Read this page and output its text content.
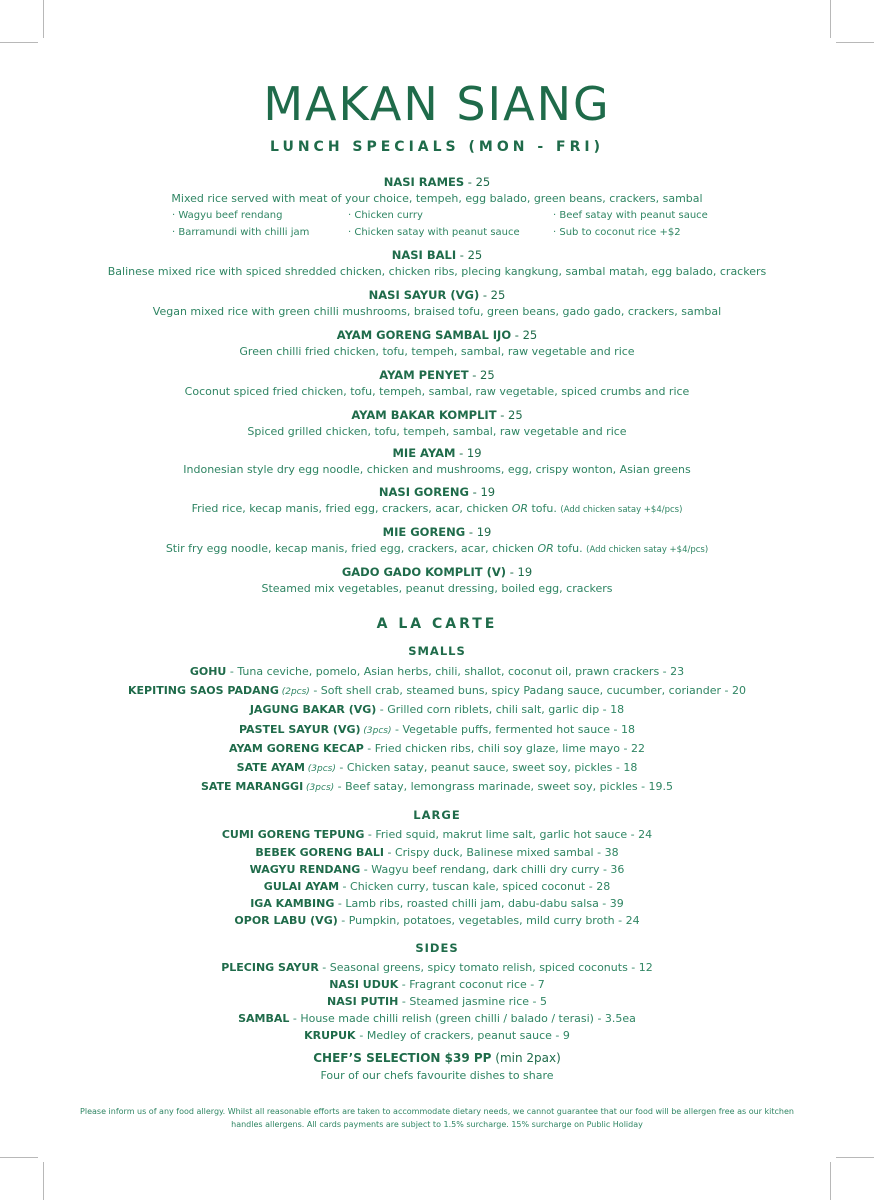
MAKAN SIANG
LUNCH SPECIALS (MON - FRI)
NASI RAMES - 25
Mixed rice served with meat of your choice, tempeh, egg balado, green beans, crackers, sambal
· Wagyu beef rendang	· Chicken curry	· Beef satay with peanut sauce
· Barramundi with chilli jam	· Chicken satay with peanut sauce	· Sub to coconut rice +$2
NASI BALI - 25
Balinese mixed rice with spiced shredded chicken, chicken ribs, plecing kangkung, sambal matah, egg balado, crackers
NASI SAYUR (VG) - 25
Vegan mixed rice with green chilli mushrooms, braised tofu, green beans, gado gado, crackers, sambal
AYAM GORENG SAMBAL IJO - 25
Green chilli fried chicken, tofu, tempeh, sambal, raw vegetable and rice
AYAM PENYET - 25
Coconut spiced fried chicken, tofu, tempeh, sambal, raw vegetable, spiced crumbs and rice
AYAM BAKAR KOMPLIT - 25
Spiced grilled chicken, tofu, tempeh, sambal, raw vegetable and rice
MIE AYAM - 19
Indonesian style dry egg noodle, chicken and mushrooms, egg, crispy wonton, Asian greens
NASI GORENG - 19
Fried rice, kecap manis, fried egg, crackers, acar, chicken OR tofu. (Add chicken satay +$4/pcs)
MIE GORENG - 19
Stir fry egg noodle, kecap manis, fried egg, crackers, acar, chicken OR tofu. (Add chicken satay +$4/pcs)
GADO GADO KOMPLIT (V) - 19
Steamed mix vegetables, peanut dressing, boiled egg, crackers
A LA CARTE
SMALLS
GOHU - Tuna ceviche, pomelo, Asian herbs, chili, shallot, coconut oil, prawn crackers - 23
KEPITING SAOS PADANG (2pcs) - Soft shell crab, steamed buns, spicy Padang sauce, cucumber, coriander - 20
JAGUNG BAKAR (VG) - Grilled corn riblets, chili salt, garlic dip - 18
PASTEL SAYUR (VG) (3pcs) - Vegetable puffs, fermented hot sauce - 18
AYAM GORENG KECAP - Fried chicken ribs, chili soy glaze, lime mayo - 22
SATE AYAM (3pcs) - Chicken satay, peanut sauce, sweet soy, pickles - 18
SATE MARANGGI (3pcs) - Beef satay, lemongrass marinade, sweet soy, pickles - 19.5
LARGE
CUMI GORENG TEPUNG - Fried squid, makrut lime salt, garlic hot sauce - 24
BEBEK GORENG BALI - Crispy duck, Balinese mixed sambal - 38
WAGYU RENDANG - Wagyu beef rendang, dark chilli dry curry - 36
GULAI AYAM - Chicken curry, tuscan kale, spiced coconut - 28
IGA KAMBING - Lamb ribs, roasted chilli jam, dabu-dabu salsa - 39
OPOR LABU (VG) - Pumpkin, potatoes, vegetables, mild curry broth - 24
SIDES
PLECING SAYUR - Seasonal greens, spicy tomato relish, spiced coconuts - 12
NASI UDUK - Fragrant coconut rice - 7
NASI PUTIH - Steamed jasmine rice - 5
SAMBAL - House made chilli relish (green chilli / balado / terasi) - 3.5ea
KRUPUK - Medley of crackers, peanut sauce - 9
CHEF’S SELECTION $39 PP (min 2pax)
Four of our chefs favourite dishes to share
Please inform us of any food allergy. Whilst all reasonable efforts are taken to accommodate dietary needs, we cannot guarantee that our food will be allergen free as our kitchen handles allergens. All cards payments are subject to 1.5% surcharge. 15% surcharge on Public Holiday
